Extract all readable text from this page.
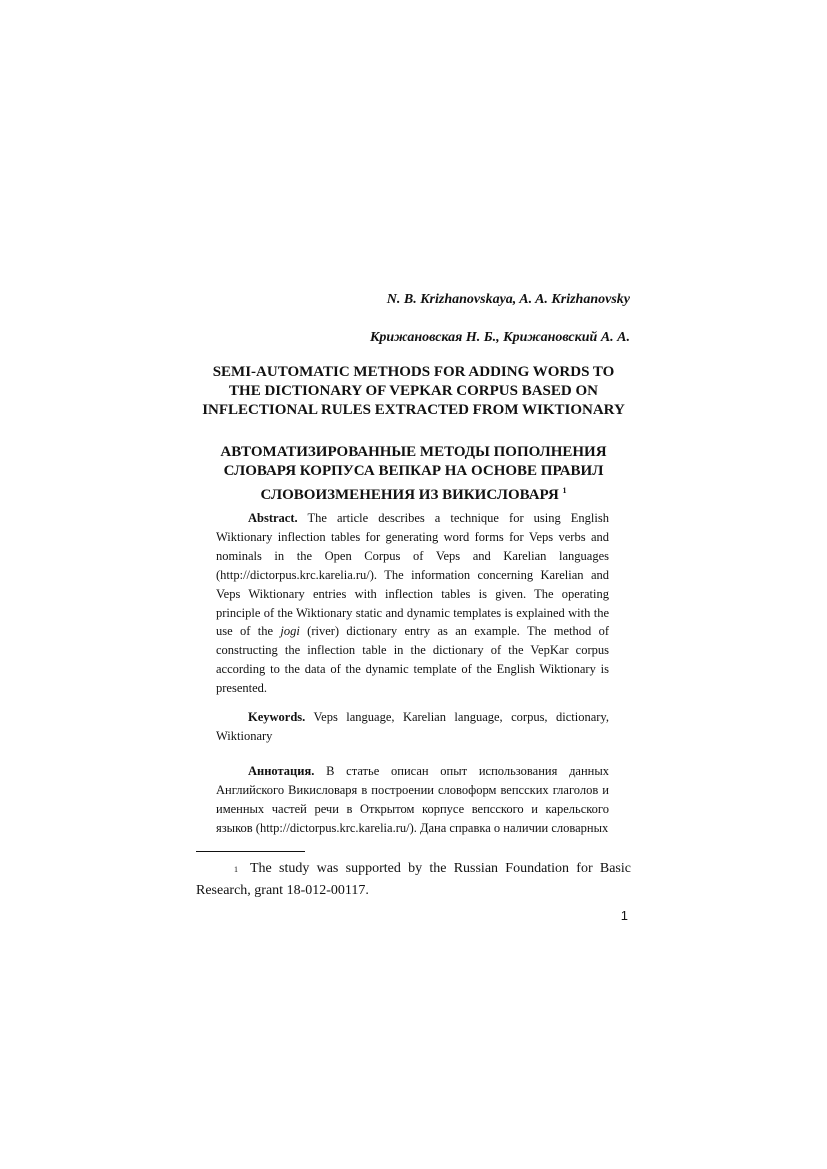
N. B. Krizhanovskaya, A. A. Krizhanovsky
Крижановская Н. Б., Крижановский А. А.
SEMI-AUTOMATIC METHODS FOR ADDING WORDS TO
THE DICTIONARY OF VEPKAR CORPUS BASED ON
INFLECTIONAL RULES EXTRACTED FROM WIKTIONARY
АВТОМАТИЗИРОВАННЫЕ МЕТОДЫ ПОПОЛНЕНИЯ
СЛОВАРЯ КОРПУСА ВЕПКАР НА ОСНОВЕ ПРАВИЛ
СЛОВОИЗМЕНЕНИЯ ИЗ ВИКИСЛОВАРЯ $^1$

Abstract. The article describes a technique for using English Wiktionary inflection tables for generating word forms for Veps verbs and nominals in the Open Corpus of Veps and Karelian languages (http://dictorpus.krc.karelia.ru/). The information concerning Karelian and Veps Wiktionary entries with inflection tables is given. The operating principle of the Wiktionary static and dynamic templates is explained with the use of the jogi (river) dictionary entry as an example. The method of constructing the inflection table in the dictionary of the VepKar corpus according to the data of the dynamic template of the English Wiktionary is presented.

Keywords. Veps language, Karelian language, corpus, dictionary, Wiktionary

Аннотация. В статье описан опыт использования данных Английского Викисловаря в построении словоформ вепсских глаголов и именных частей речи в Открытом корпусе вепсского и карельского языков (http://dictorpus.krc.karelia.ru/). Дана справка о наличии словарных

1 The study was supported by the Russian Foundation for Basic Research, grant 18-012-00117.

1
